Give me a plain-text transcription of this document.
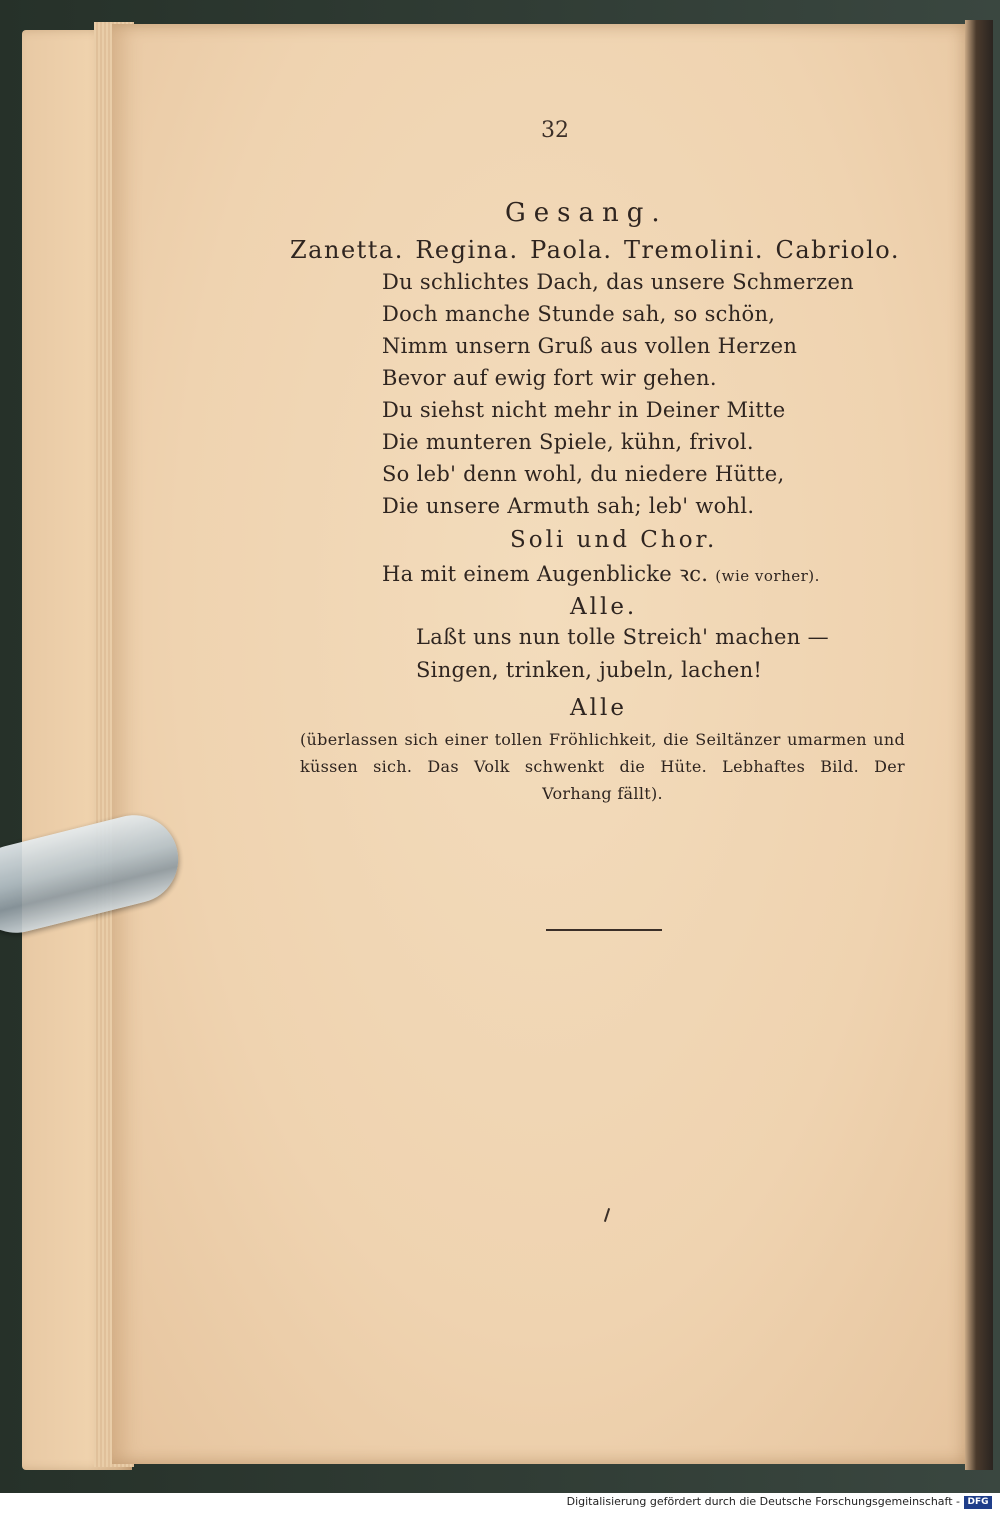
32
Gesang.
Zanetta. Regina. Paola. Tremolini. Cabriolo.
Du schlichtes Dach, das unsere Schmerzen
Doch manche Stunde sah, so schön,
Nimm unsern Gruß aus vollen Herzen
Bevor auf ewig fort wir gehen.
Du siehst nicht mehr in Deiner Mitte
Die munteren Spiele, kühn, frivol.
So leb' denn wohl, du niedere Hütte,
Die unsere Armuth sah; leb' wohl.
Soli und Chor.
Ha mit einem Augenblicke ꝛc. (wie vorher).
Alle.
Laßt uns nun tolle Streich' machen —
Singen, trinken, jubeln, lachen!
Alle
(überlassen sich einer tollen Fröhlichkeit, die Seiltänzer umarmen und
küssen sich. Das Volk schwenkt die Hüte. Lebhaftes Bild. Der
Vorhang fällt).
Digitalisierung gefördert durch die Deutsche Forschungsgemeinschaft - DFG
